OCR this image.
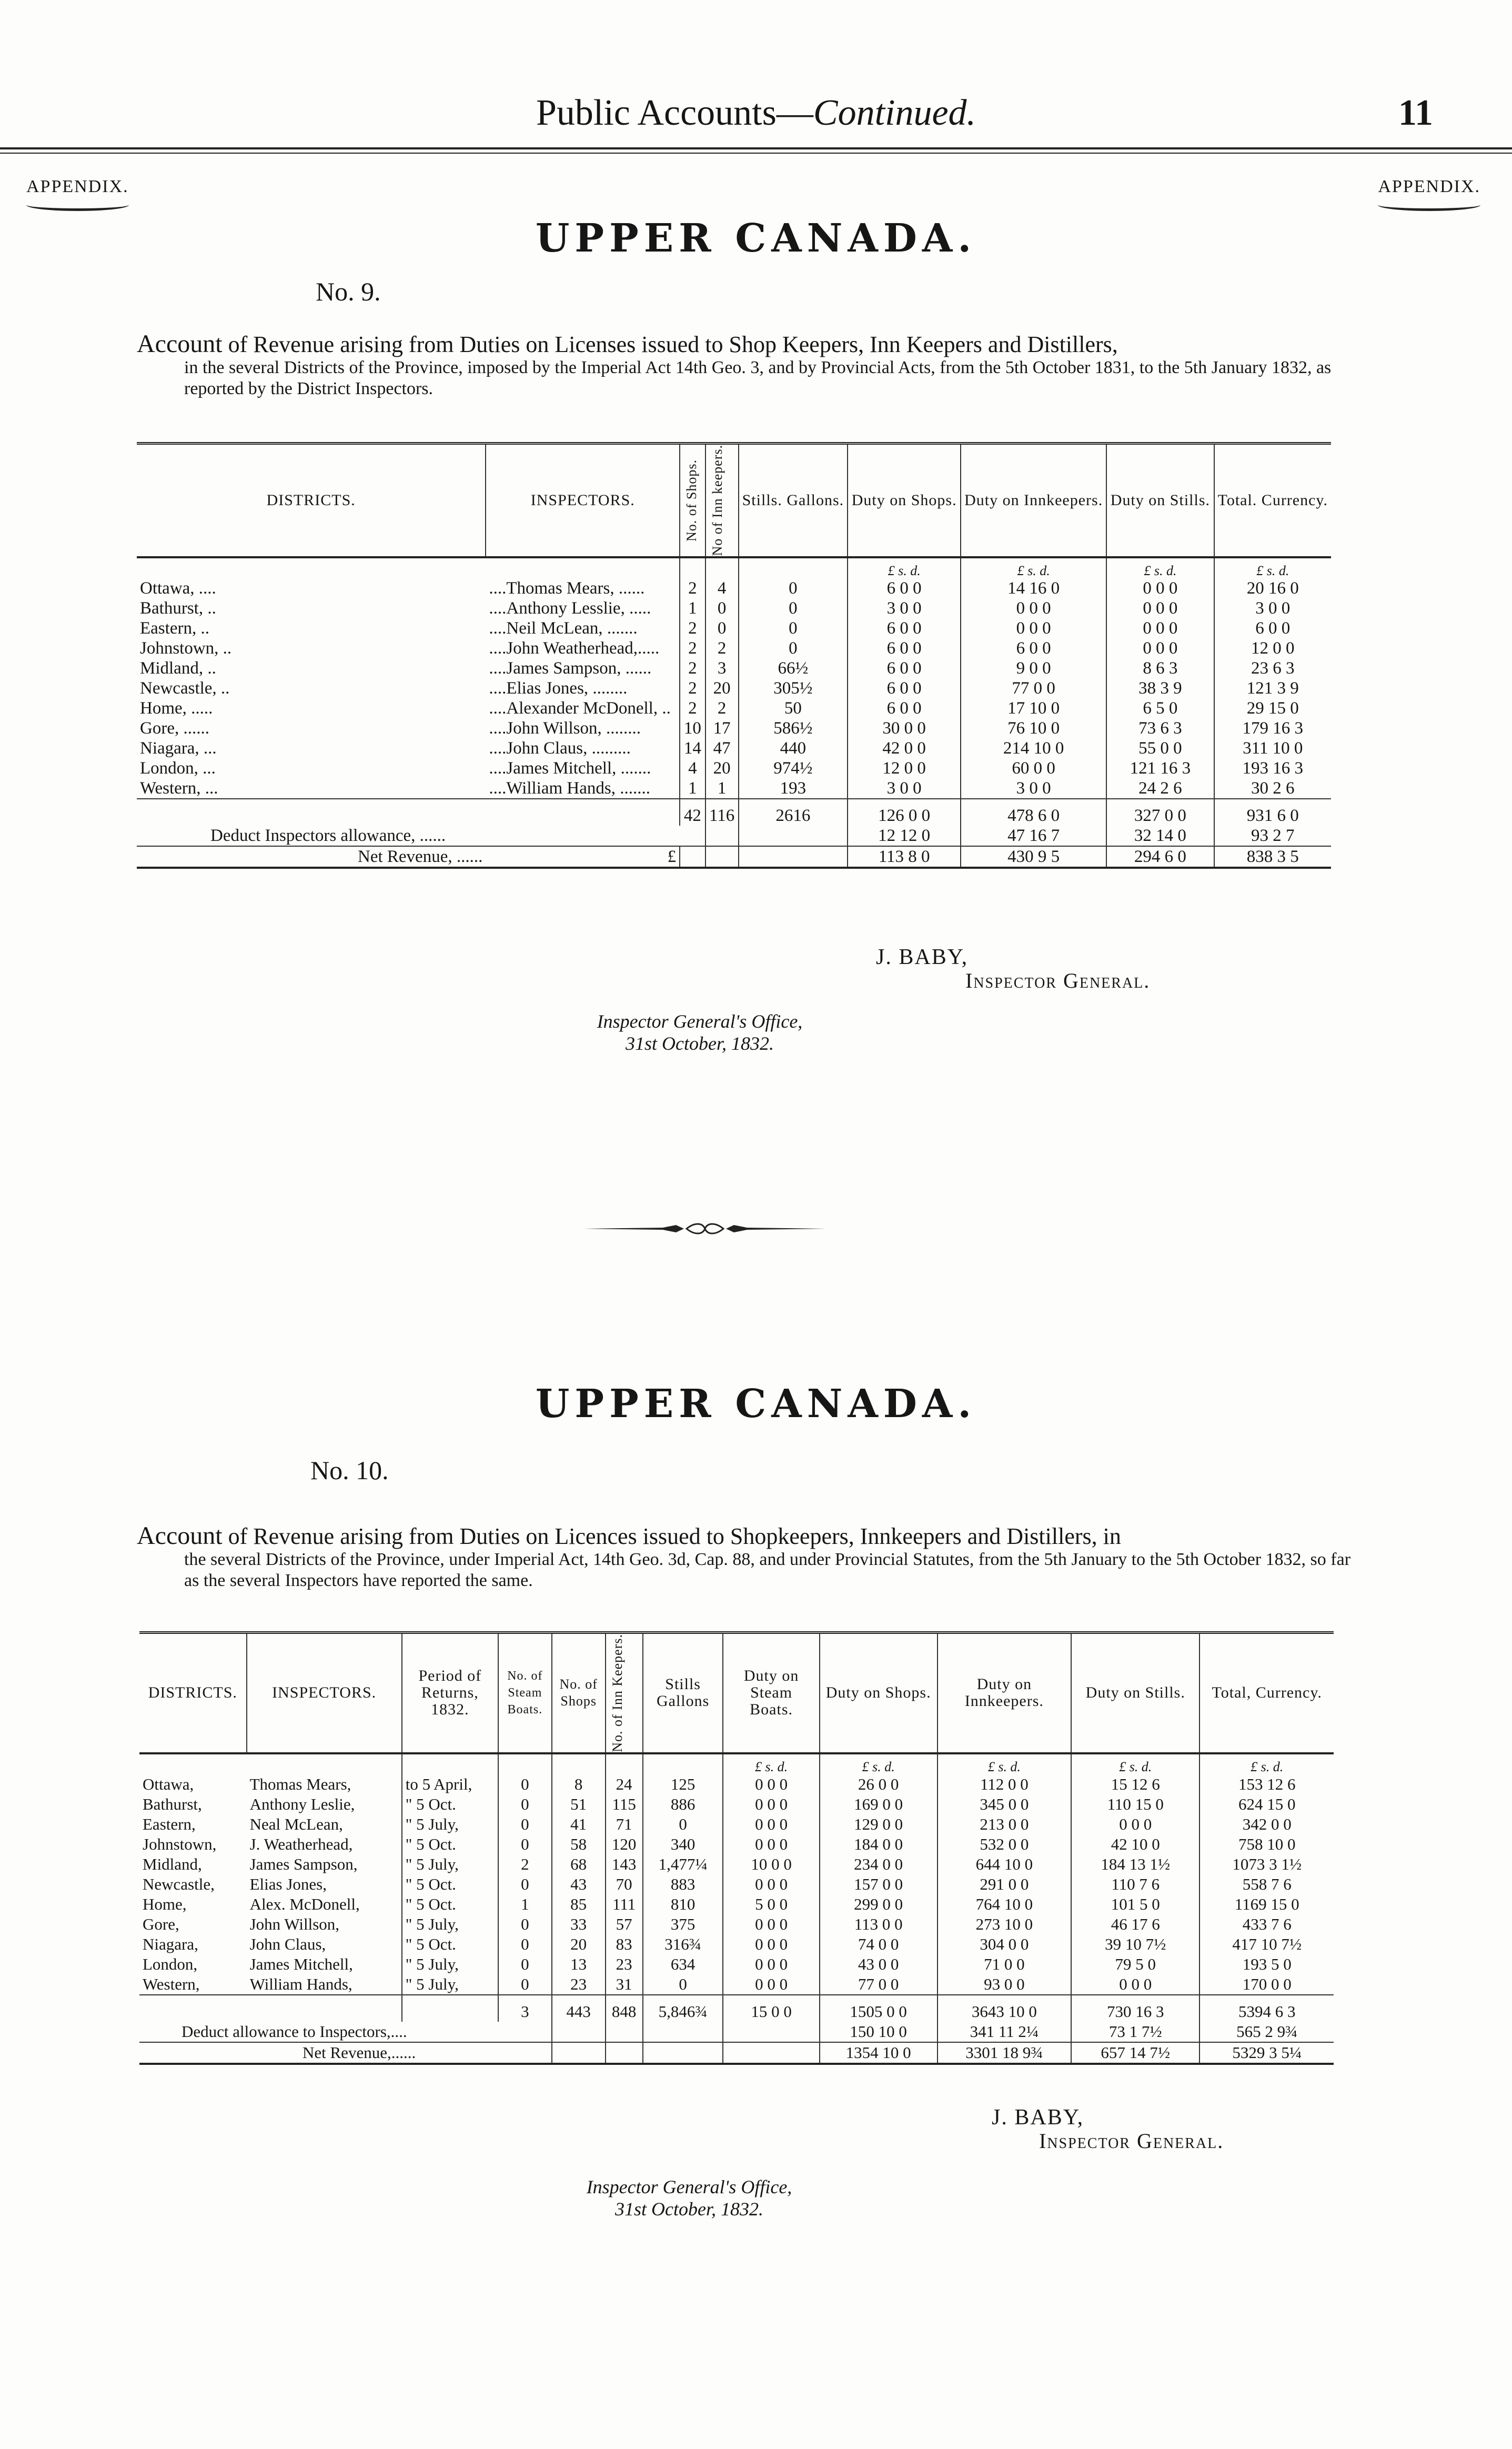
Public Accounts—Continued.	11
APPENDIX.	APPENDIX.
UPPER CANADA.
No. 9.
Account of Revenue arising from Duties on Licenses issued to Shop Keepers, Inn Keepers and Distillers,
in the several Districts of the Province, imposed by the Imperial Act 14th Geo. 3, and by Provincial Acts, from the 5th October 1831, to the 5th January 1832, as reported by the District Inspectors.
DISTRICTS.	INSPECTORS.	No. of Shops.	No of Inn keepers.	Stills. Gallons.	Duty on Shops.	Duty on Innkeepers.	Duty on Stills.	Total. Currency.
					£ s. d.	£ s. d.	£ s. d.	£ s. d.
Ottawa, ....	....Thomas Mears, ......	2	4	0	6 0 0	14 16 0	0 0 0	20 16 0
Bathurst, ..	....Anthony Lesslie, .....	1	0	0	3 0 0	0 0 0	0 0 0	3 0 0
Eastern, ..	....Neil McLean, .......	2	0	0	6 0 0	0 0 0	0 0 0	6 0 0
Johnstown, ..	....John Weatherhead,.....	2	2	0	6 0 0	6 0 0	0 0 0	12 0 0
Midland, ..	....James Sampson, ......	2	3	66½	6 0 0	9 0 0	8 6 3	23 6 3
Newcastle, ..	....Elias Jones, ........	2	20	305½	6 0 0	77 0 0	38 3 9	121 3 9
Home, .....	....Alexander McDonell, ..	2	2	50	6 0 0	17 10 0	6 5 0	29 15 0
Gore, ......	....John Willson, ........	10	17	586½	30 0 0	76 10 0	73 6 3	179 16 3
Niagara, ...	....John Claus, .........	14	47	440	42 0 0	214 10 0	55 0 0	311 10 0
London, ...	....James Mitchell, .......	4	20	974½	12 0 0	60 0 0	121 16 3	193 16 3
Western, ...	....William Hands, .......	1	1	193	3 0 0	3 0 0	24 2 6	30 2 6
		42	116	2616	126 0 0	478 6 0	327 0 0	931 6 0
Deduct Inspectors allowance, ......					12 12 0	47 16 7	32 14 0	93 2 7
Net Revenue, ......	£				113 8 0	430 9 5	294 6 0	838 3 5
J. BABY,
Inspector General.
Inspector General's Office,
31st October, 1832.
UPPER CANADA.
No. 10.
Account of Revenue arising from Duties on Licences issued to Shopkeepers, Innkeepers and Distillers, in
the several Districts of the Province, under Imperial Act, 14th Geo. 3d, Cap. 88, and under Provincial Statutes, from the 5th January to the 5th October 1832, so far as the several Inspectors have reported the same.
DISTRICTS.	INSPECTORS.	Period of Returns, 1832.	No. of Steam Boats.	No. of Shops	No. of Inn Keepers.	Stills Gallons	Duty on Steam Boats.	Duty on Shops.	Duty on Innkeepers.	Duty on Stills.	Total, Currency.
							£ s. d.	£ s. d.	£ s. d.	£ s. d.	£ s. d.
Ottawa,	Thomas Mears,	to 5 April,	0	8	24	125	0 0 0	26 0 0	112 0 0	15 12 6	153 12 6
Bathurst,	Anthony Leslie,	" 5 Oct.	0	51	115	886	0 0 0	169 0 0	345 0 0	110 15 0	624 15 0
Eastern,	Neal McLean,	" 5 July,	0	41	71	0	0 0 0	129 0 0	213 0 0	0 0 0	342 0 0
Johnstown,	J. Weatherhead,	" 5 Oct.	0	58	120	340	0 0 0	184 0 0	532 0 0	42 10 0	758 10 0
Midland,	James Sampson,	" 5 July,	2	68	143	1,477¼	10 0 0	234 0 0	644 10 0	184 13 1½	1073 3 1½
Newcastle,	Elias Jones,	" 5 Oct.	0	43	70	883	0 0 0	157 0 0	291 0 0	110 7 6	558 7 6
Home,	Alex. McDonell,	" 5 Oct.	1	85	111	810	5 0 0	299 0 0	764 10 0	101 5 0	1169 15 0
Gore,	John Willson,	" 5 July,	0	33	57	375	0 0 0	113 0 0	273 10 0	46 17 6	433 7 6
Niagara,	John Claus,	" 5 Oct.	0	20	83	316¾	0 0 0	74 0 0	304 0 0	39 10 7½	417 10 7½
London,	James Mitchell,	" 5 July,	0	13	23	634	0 0 0	43 0 0	71 0 0	79 5 0	193 5 0
Western,	William Hands,	" 5 July,	0	23	31	0	0 0 0	77 0 0	93 0 0	0 0 0	170 0 0
			3	443	848	5,846¾	15 0 0	1505 0 0	3643 10 0	730 16 3	5394 6 3
Deduct allowance to Inspectors,....								150 10 0	341 11 2¼	73 1 7½	565 2 9¾
Net Revenue,......								1354 10 0	3301 18 9¾	657 14 7½	5329 3 5¼
J. BABY,
Inspector General.
Inspector General's Office,
31st October, 1832.
